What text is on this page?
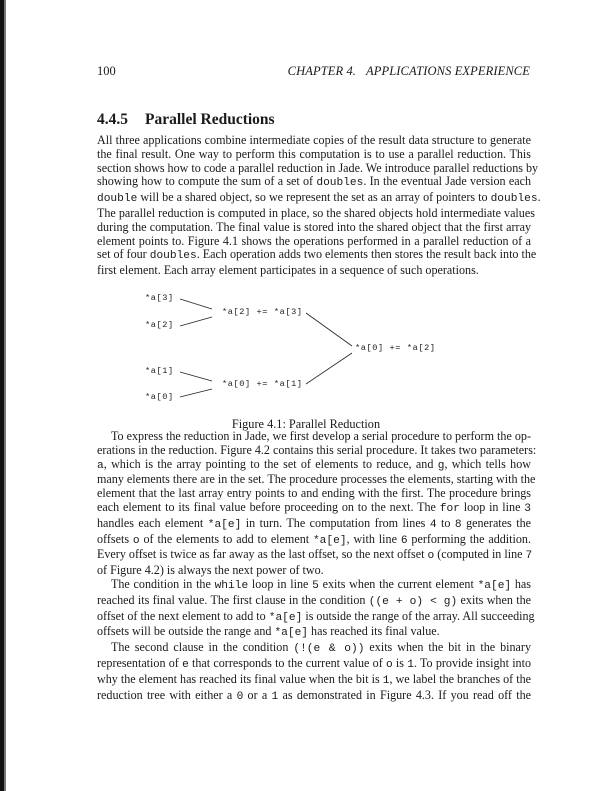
100	CHAPTER 4. APPLICATIONS EXPERIENCE
4.4.5 Parallel Reductions
All three applications combine intermediate copies of the result data structure to generate
the final result. One way to perform this computation is to use a parallel reduction. This
section shows how to code a parallel reduction in Jade. We introduce parallel reductions by
showing how to compute the sum of a set of doubles. In the eventual Jade version each
double will be a shared object, so we represent the set as an array of pointers to doubles.
The parallel reduction is computed in place, so the shared objects hold intermediate values
during the computation. The final value is stored into the shared object that the first array
element points to. Figure 4.1 shows the operations performed in a parallel reduction of a
set of four doubles. Each operation adds two elements then stores the result back into the
first element. Each array element participates in a sequence of such operations.
*a[3]
*a[2]
*a[1]
*a[0]
*a[2] += *a[3]
*a[0] += *a[1]
*a[0] += *a[2]
Figure 4.1: Parallel Reduction
To express the reduction in Jade, we first develop a serial procedure to perform the op-
erations in the reduction. Figure 4.2 contains this serial procedure. It takes two parameters:
a, which is the array pointing to the set of elements to reduce, and g, which tells how
many elements there are in the set. The procedure processes the elements, starting with the
element that the last array entry points to and ending with the first. The procedure brings
each element to its final value before proceeding on to the next. The for loop in line 3
handles each element *a[e] in turn. The computation from lines 4 to 8 generates the
offsets o of the elements to add to element *a[e], with line 6 performing the addition.
Every offset is twice as far away as the last offset, so the next offset o (computed in line 7
of Figure 4.2) is always the next power of two.
The condition in the while loop in line 5 exits when the current element *a[e] has
reached its final value. The first clause in the condition ((e + o) < g) exits when the
offset of the next element to add to *a[e] is outside the range of the array. All succeeding
offsets will be outside the range and *a[e] has reached its final value.
The second clause in the condition (!(e & o)) exits when the bit in the binary
representation of e that corresponds to the current value of o is 1. To provide insight into
why the element has reached its final value when the bit is 1, we label the branches of the
reduction tree with either a 0 or a 1 as demonstrated in Figure 4.3. If you read off the
